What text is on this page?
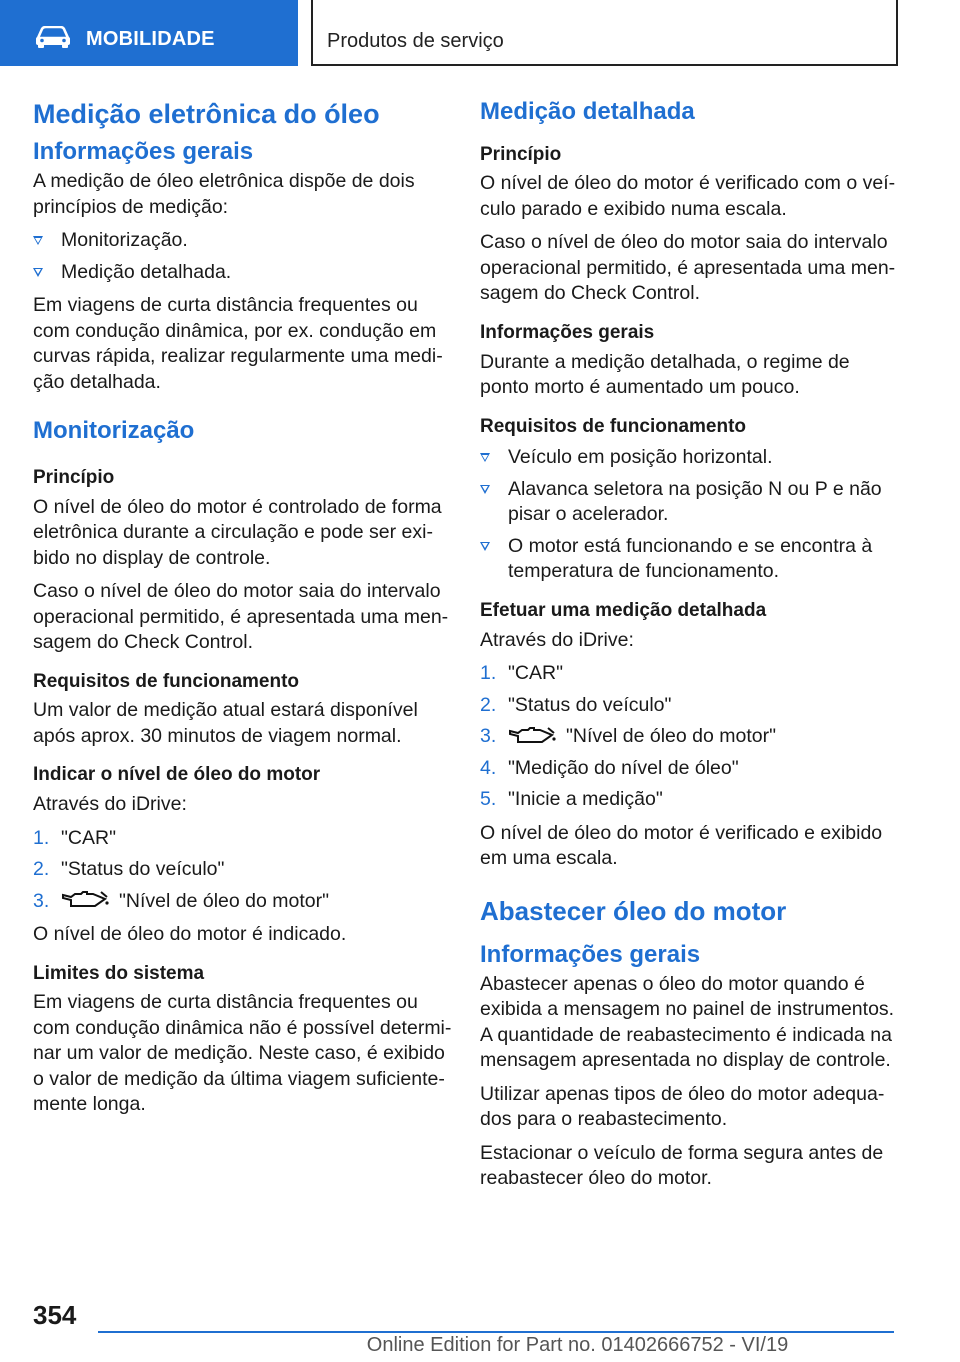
MOBILIDADE	Produtos de serviço
Medição eletrônica do óleo
Informações gerais

A medição de óleo eletrônica dispõe de dois princípios de medição:

Monitorização.
Medição detalhada.

Em viagens de curta distância frequentes ou com condução dinâmica, por ex. condução em curvas rápida, realizar regularmente uma medição detalhada.

Monitorização
Princípio

O nível de óleo do motor é controlado de forma eletrônica durante a circulação e pode ser exibido no display de controle.

Caso o nível de óleo do motor saia do intervalo operacional permitido, é apresentada uma mensagem do Check Control.

Requisitos de funcionamento

Um valor de medição atual estará disponível após aprox. 30 minutos de viagem normal.

Indicar o nível de óleo do motor

Através do iDrive:

1. "CAR"
2. "Status do veículo"
3.	"Nível de óleo do motor"

O nível de óleo do motor é indicado.

Limites do sistema

Em viagens de curta distância frequentes ou com condução dinâmica não é possível determinar um valor de medição. Neste caso, é exibido o valor de medição da última viagem suficientemente longa.

Medição detalhada
Princípio

O nível de óleo do motor é verificado com o veículo parado e exibido numa escala.

Caso o nível de óleo do motor saia do intervalo operacional permitido, é apresentada uma mensagem do Check Control.

Informações gerais

Durante a medição detalhada, o regime de ponto morto é aumentado um pouco.

Requisitos de funcionamento
Veículo em posição horizontal.
Alavanca seletora na posição N ou P e não pisar o acelerador.
O motor está funcionando e se encontra à temperatura de funcionamento.
Efetuar uma medição detalhada

Através do iDrive:

1. "CAR"
2. "Status do veículo"
3.	"Nível de óleo do motor"
4. "Medição do nível de óleo"
5. "Inicie a medição"

O nível de óleo do motor é verificado e exibido em uma escala.

Abastecer óleo do motor
Informações gerais

Abastecer apenas o óleo do motor quando é exibida a mensagem no painel de instrumentos. A quantidade de reabastecimento é indicada na mensagem apresentada no display de controle.

Utilizar apenas tipos de óleo do motor adequados para o reabastecimento.

Estacionar o veículo de forma segura antes de reabastecer óleo do motor.

354
Online Edition for Part no. 01402666752 - VI/19
